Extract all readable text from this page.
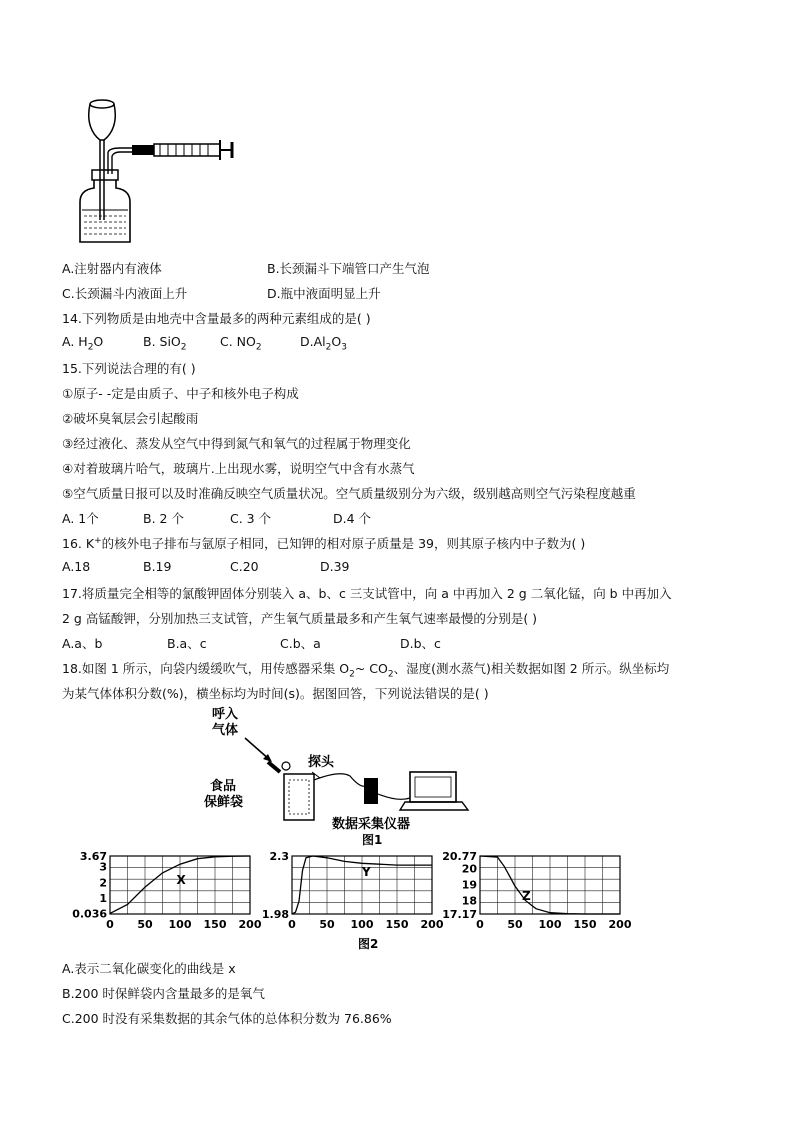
A.注射器内有液体	B.长颈漏斗下端管口产生气泡
C.长颈漏斗内液面上升	D.瓶中液面明显上升
14.下列物质是由地壳中含量最多的两种元素组成的是( )
A. $H_2O$	B. SiO$_2$	C. $NO_2$	$D.Al_2O_3$
15.下列说法合理的有( )
①原子- -定是由质子、中子和核外电子构成
②破坏臭氧层会引起酸雨
③经过液化、蒸发从空气中得到氮气和氧气的过程属于物理变化
④对着玻璃片哈气，玻璃片.上出现水雾，说明空气中含有水蒸气
⑤空气质量日报可以及时准确反映空气质量状况。空气质量级别分为六级，级别越高则空气污染程度越重
A. 1个	B. 2 个	C. 3 个	D.4 个
16. K+的核外电子排布与氩原子相同，已知钾的相对原子质量是 39，则其原子核内中子数为( )
A.18	B.19	C.20	D.39
17.将质量完全相等的氯酸钾固体分别装入 a、b、c 三支试管中，向 a 中再加入 2 g 二氧化锰，向 b 中再加入
2 g 高锰酸钾，分别加热三支试管，产生氧气质量最多和产生氧气速率最慢的分别是( )
A.a、b	B.a、c	C.b、a	D.b、c
18.如图 1 所示，向袋内缓缓吹气，用传感器采集 $O_2\sim$ $CO_2$、湿度(测水蒸气)相关数据如图 2 所示。纵坐标均
为某气体体积分数(%)，横坐标均为时间(s)。据图回答，下列说法错误的是( )
呼入
气体
探头
食品
保鲜袋
数据采集仪器
图1
3.67
3
2
1
0.036
0 50 100 150 200
X
2.3
1.98
0 50 100 150 200
Y
20.77
20
19
18
17.17
0 50 100 150 200
Z
图2
A.表示二氧化碳变化的曲线是 x
B.200 时保鲜袋内含量最多的是氧气
C.200 时没有采集数据的其余气体的总体积分数为 76.86%
